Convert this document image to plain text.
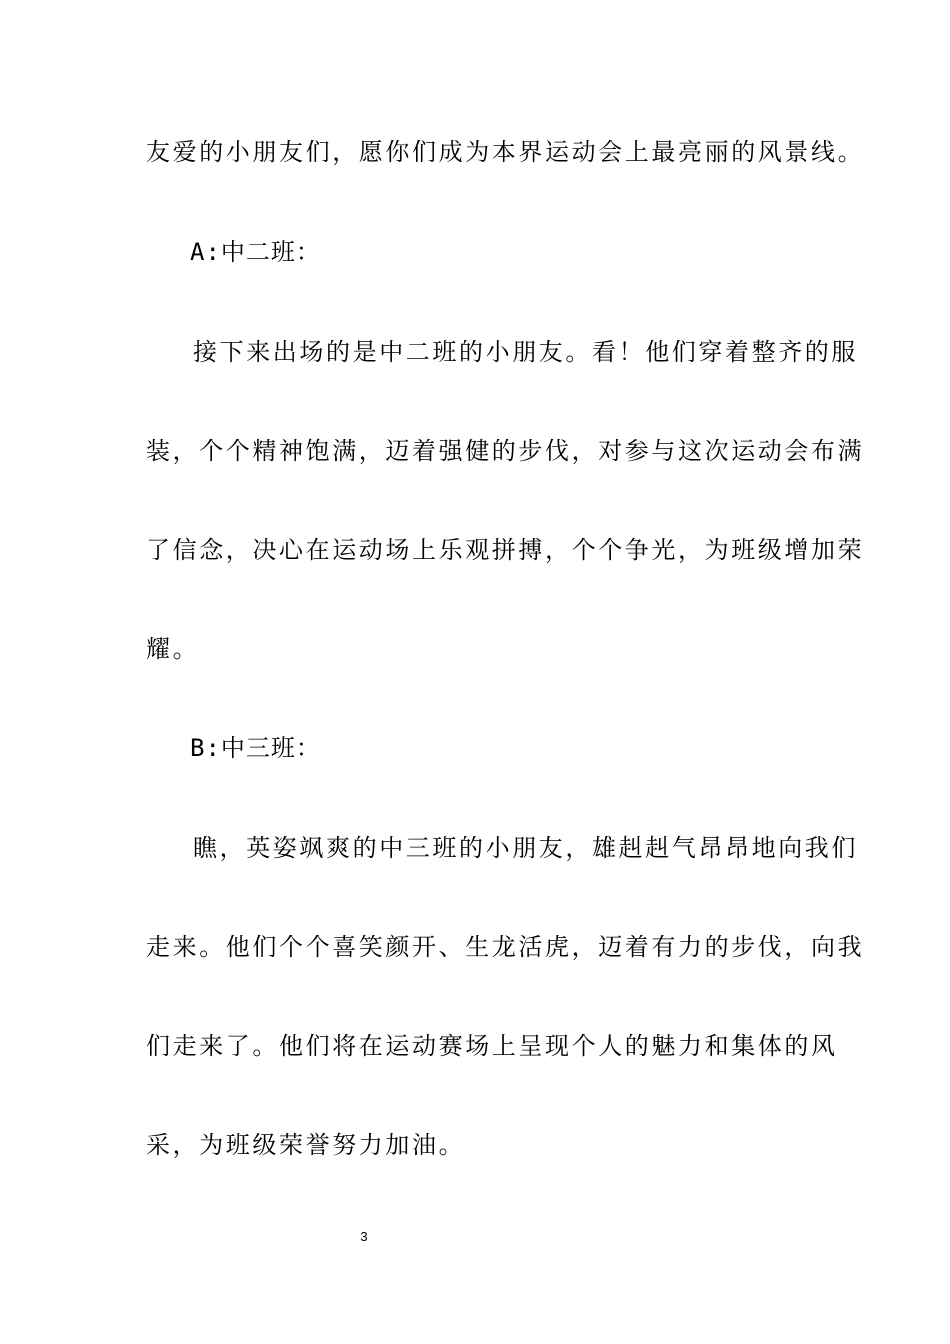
友爱的小朋友们，愿你们成为本界运动会上最亮丽的风景线。
A:中二班：
接下来出场的是中二班的小朋友。看！他们穿着整齐的服
装，个个精神饱满，迈着强健的步伐，对参与这次运动会布满
了信念，决心在运动场上乐观拼搏，个个争光，为班级增加荣
耀。
B:中三班：
瞧，英姿飒爽的中三班的小朋友，雄赳赳气昂昂地向我们
走来。他们个个喜笑颜开、生龙活虎，迈着有力的步伐，向我
们走来了。他们将在运动赛场上呈现个人的魅力和集体的风
采，为班级荣誉努力加油。
3
